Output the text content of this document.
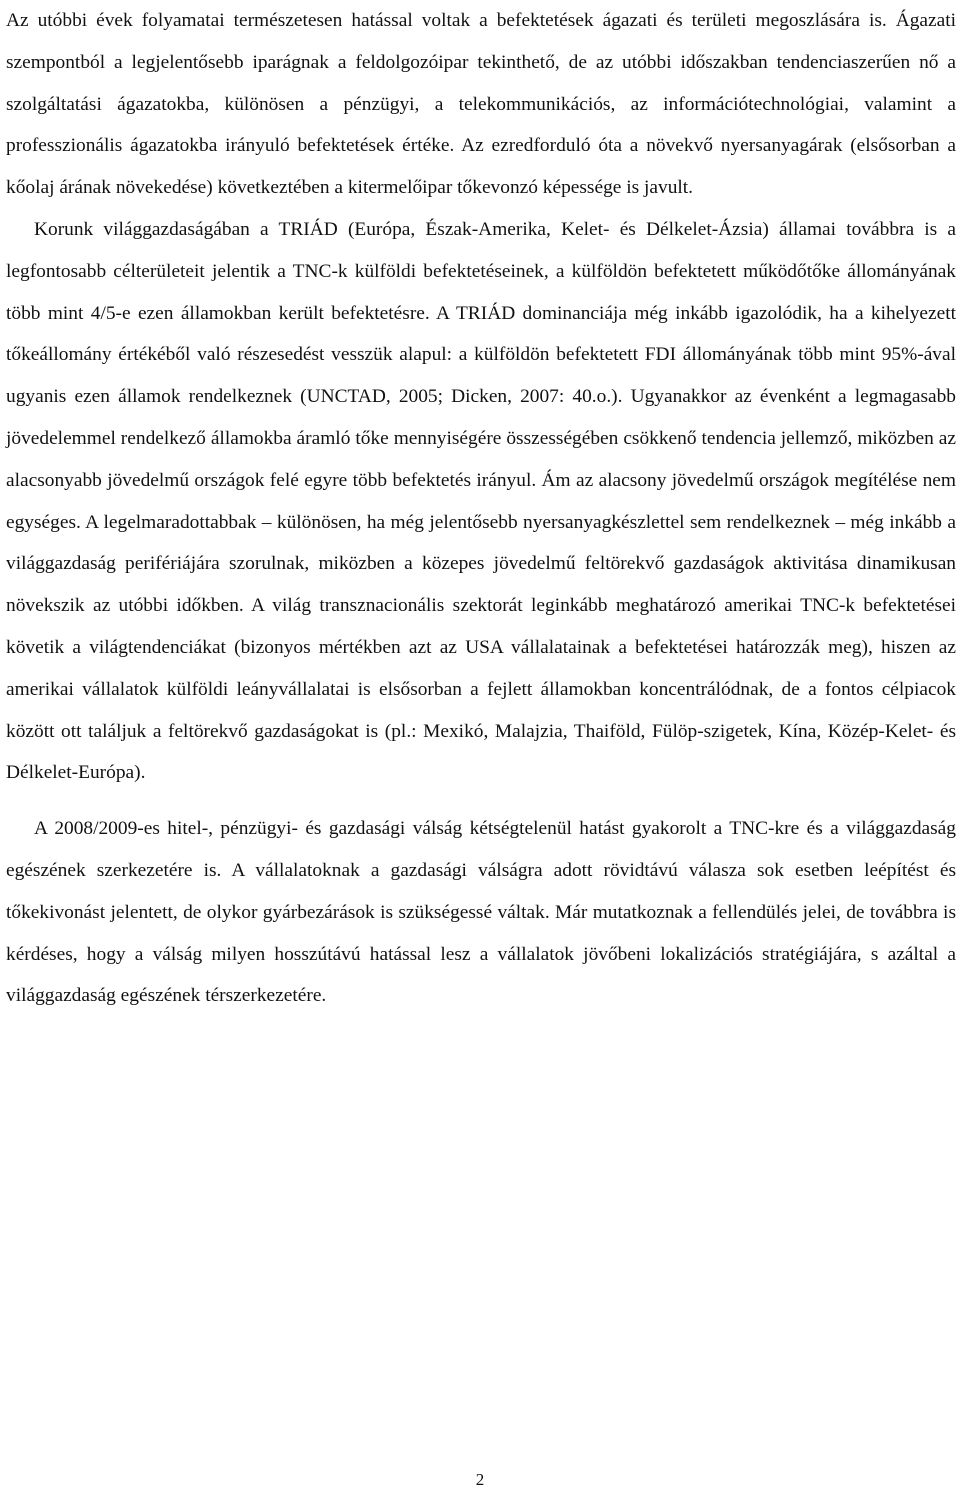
Az utóbbi évek folyamatai természetesen hatással voltak a befektetések ágazati és területi megoszlására is. Ágazati szempontból a legjelentősebb iparágnak a feldolgozóipar tekinthető, de az utóbbi időszakban tendenciaszerűen nő a szolgáltatási ágazatokba, különösen a pénzügyi, a telekommunikációs, az információtechnológiai, valamint a professzionális ágazatokba irányuló befektetések értéke. Az ezredforduló óta a növekvő nyersanyagárak (elsősorban a kőolaj árának növekedése) következtében a kitermelőipar tőkevonzó képessége is javult.

Korunk világgazdaságában a TRIÁD (Európa, Észak-Amerika, Kelet- és Délkelet-Ázsia) államai továbbra is a legfontosabb célterületeit jelentik a TNC-k külföldi befektetéseinek, a külföldön befektetett működőtőke állományának több mint 4/5-e ezen államokban került befektetésre. A TRIÁD dominanciája még inkább igazolódik, ha a kihelyezett tőkeállomány értékéből való részesedést vesszük alapul: a külföldön befektetett FDI állományának több mint 95%-ával ugyanis ezen államok rendelkeznek (UNCTAD, 2005; Dicken, 2007: 40.o.). Ugyanakkor az évenként a legmagasabb jövedelemmel rendelkező államokba áramló tőke mennyiségére összességében csökkenő tendencia jellemző, miközben az alacsonyabb jövedelmű országok felé egyre több befektetés irányul. Ám az alacsony jövedelmű országok megítélése nem egységes. A legelmaradottabbak – különösen, ha még jelentősebb nyersanyagkészlettel sem rendelkeznek – még inkább a világgazdaság perifériájára szorulnak, miközben a közepes jövedelmű feltörekvő gazdaságok aktivitása dinamikusan növekszik az utóbbi időkben. A világ transznacionális szektorát leginkább meghatározó amerikai TNC-k befektetései követik a világtendenciákat (bizonyos mértékben azt az USA vállalatainak a befektetései határozzák meg), hiszen az amerikai vállalatok külföldi leányvállalatai is elsősorban a fejlett államokban koncentrálódnak, de a fontos célpiacok között ott találjuk a feltörekvő gazdaságokat is (pl.: Mexikó, Malajzia, Thaiföld, Fülöp-szigetek, Kína, Közép-Kelet- és Délkelet-Európa).

A 2008/2009-es hitel-, pénzügyi- és gazdasági válság kétségtelenül hatást gyakorolt a TNC-kre és a világgazdaság egészének szerkezetére is. A vállalatoknak a gazdasági válságra adott rövidtávú válasza sok esetben leépítést és tőkekivonást jelentett, de olykor gyárbezárások is szükségessé váltak. Már mutatkoznak a fellendülés jelei, de továbbra is kérdéses, hogy a válság milyen hosszútávú hatással lesz a vállalatok jövőbeni lokalizációs stratégiájára, s azáltal a világgazdaság egészének térszerkezetére.

2
